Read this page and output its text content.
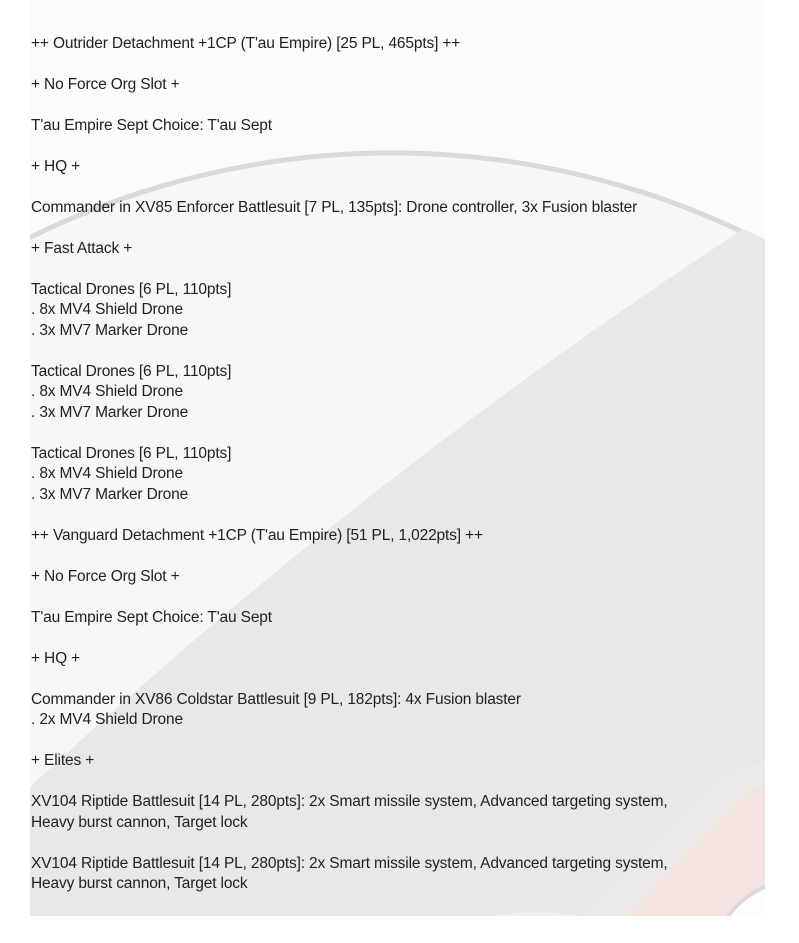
++ Outrider Detachment +1CP (T'au Empire) [25 PL, 465pts] ++
+ No Force Org Slot +
T'au Empire Sept Choice: T'au Sept
+ HQ +
Commander in XV85 Enforcer Battlesuit [7 PL, 135pts]: Drone controller, 3x Fusion blaster
+ Fast Attack +
Tactical Drones [6 PL, 110pts]
. 8x MV4 Shield Drone
. 3x MV7 Marker Drone
Tactical Drones [6 PL, 110pts]
. 8x MV4 Shield Drone
. 3x MV7 Marker Drone
Tactical Drones [6 PL, 110pts]
. 8x MV4 Shield Drone
. 3x MV7 Marker Drone
++ Vanguard Detachment +1CP (T'au Empire) [51 PL, 1,022pts] ++
+ No Force Org Slot +
T'au Empire Sept Choice: T'au Sept
+ HQ +
Commander in XV86 Coldstar Battlesuit [9 PL, 182pts]: 4x Fusion blaster
. 2x MV4 Shield Drone
+ Elites +
XV104 Riptide Battlesuit [14 PL, 280pts]: 2x Smart missile system, Advanced targeting system,
Heavy burst cannon, Target lock
XV104 Riptide Battlesuit [14 PL, 280pts]: 2x Smart missile system, Advanced targeting system,
Heavy burst cannon, Target lock
